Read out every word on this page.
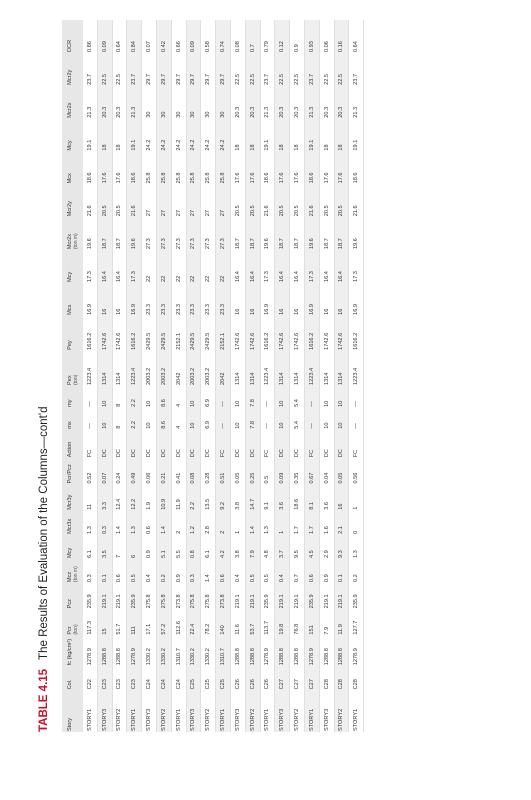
TABLE 4.15 The Results of Evaluation of the Columns—cont'd
Story	Col.	fc (kg/cm²)	Pcr	Pcz	Mcz	Mcy	Mcr3x	Mcr3y	Pcr/Pcz	Action	mx	my	Pex	Pey	Mcx	Mcy	Mcr2x	Mcr2y	Mcx	Mcy	Mcr2x	Mcr2y	DCR
			(ton)		(ton m)								(ton)				(ton m)						
STORY1	C22	1278.9	117.3	235.9	0.3	6.1	1.3	11	0.52	FC	—	—	1223.4	1616.2	16.9	17.3	19.6	21.6	18.6	19.1	21.3	23.7	0.86
STORY3	C23	1288.8	15	219.1	0.1	3.5	0.3	3.3	0.07	DC	10	10	1314	1742.6	16	16.4	18.7	20.5	17.6	18	20.3	22.5	0.09
STORY2	C23	1288.8	51.7	219.1	0.6	7	1.4	12.4	0.24	DC	8	8	1314	1742.6	16	16.4	18.7	20.5	17.6	18	20.3	22.5	0.64
STORY1	C23	1278.9	111	235.9	0.5	6	1.3	12.2	0.49	DC	2.2	2.2	1223.4	1616.2	16.9	17.3	19.6	21.6	18.6	19.1	21.3	23.7	0.84
STORY3	C24	1330.2	17.1	275.8	0.4	0.9	0.6	1.9	0.06	DC	10	10	2003.2	2429.5	23.3	22	27.3	27	25.8	24.2	30	29.7	0.07
STORY2	C24	1330.2	57.2	275.8	0.2	5.1	1.4	10.9	0.21	DC	8.6	8.6	2003.2	2429.5	23.3	22	27.3	27	25.8	24.2	30	29.7	0.42
STORY1	C24	1310.7	112.6	273.8	0.9	5.5	2	11.9	0.41	DC	4	4	2042	2152.1	23.3	22	27.3	27	25.8	24.2	30	29.7	0.66
STORY3	C25	1330.2	22.4	275.8	0.3	0.8	1.2	2.2	0.08	DC	10	10	2003.2	2429.5	23.3	22	27.3	27	25.8	24.2	30	29.7	0.09
STORY2	C25	1330.2	78.2	275.8	1.4	6.1	2.8	13.5	0.28	DC	6.9	6.9	2003.2	2429.5	23.3	22	27.3	27	25.8	24.2	30	29.7	0.58
STORY1	C25	1310.7	140	273.8	0.6	4.2	2	9.2	0.51	FC	—	—	2042	2152.1	23.3	22	27.3	27	25.8	24.2	30	29.7	0.74
STORY3	C26	1288.8	11.6	219.1	0.4	3.8	1	3.8	0.05	DC	10	10	1314	1742.6	16	16.4	18.7	20.5	17.6	18	20.3	22.5	0.08
STORY2	C26	1288.8	53.7	219.1	0.5	7.9	1.4	14.7	0.25	DC	7.8	7.8	1314	1742.6	16	16.4	18.7	20.5	17.6	18	20.3	22.5	0.7
STORY1	C26	1278.9	113.7	235.9	0.5	4.8	1.3	9.1	0.5	FC	—	—	1223.4	1616.2	16.9	17.3	19.6	21.6	18.6	19.1	21.3	23.7	0.79
STORY3	C27	1288.8	19.8	219.1	0.4	3.7	1	3.6	0.09	DC	10	10	1314	1742.6	16	16.4	18.7	20.5	17.6	18	20.3	22.5	0.12
STORY2	C27	1288.8	76.8	219.1	0.7	9.5	1.7	18.6	0.35	DC	5.4	5.4	1314	1742.6	16	16.4	18.7	20.5	17.6	18	20.3	22.5	0.9
STORY1	C27	1278.9	151	235.9	0.6	4.5	1.7	8.1	0.67	FC	—	—	1223.4	1616.2	16.9	17.3	19.6	21.6	18.6	19.1	21.3	23.7	0.93
STORY3	C28	1288.8	7.9	219.1	0.9	2.9	1.6	3.6	0.04	DC	10	10	1314	1742.6	16	16.4	18.7	20.5	17.6	18	20.3	22.5	0.06
STORY2	C28	1288.8	11.9	219.1	0.1	9.3	2.1	16	0.05	DC	10	10	1314	1742.6	16	16.4	18.7	20.5	17.6	18	20.3	22.5	0.16
STORY1	C28	1278.9	127.7	235.9	0.2	1.3	0	1	0.56	FC	—	—	1223.4	1616.2	16.9	17.3	19.6	21.6	18.6	19.1	21.3	23.7	0.64
